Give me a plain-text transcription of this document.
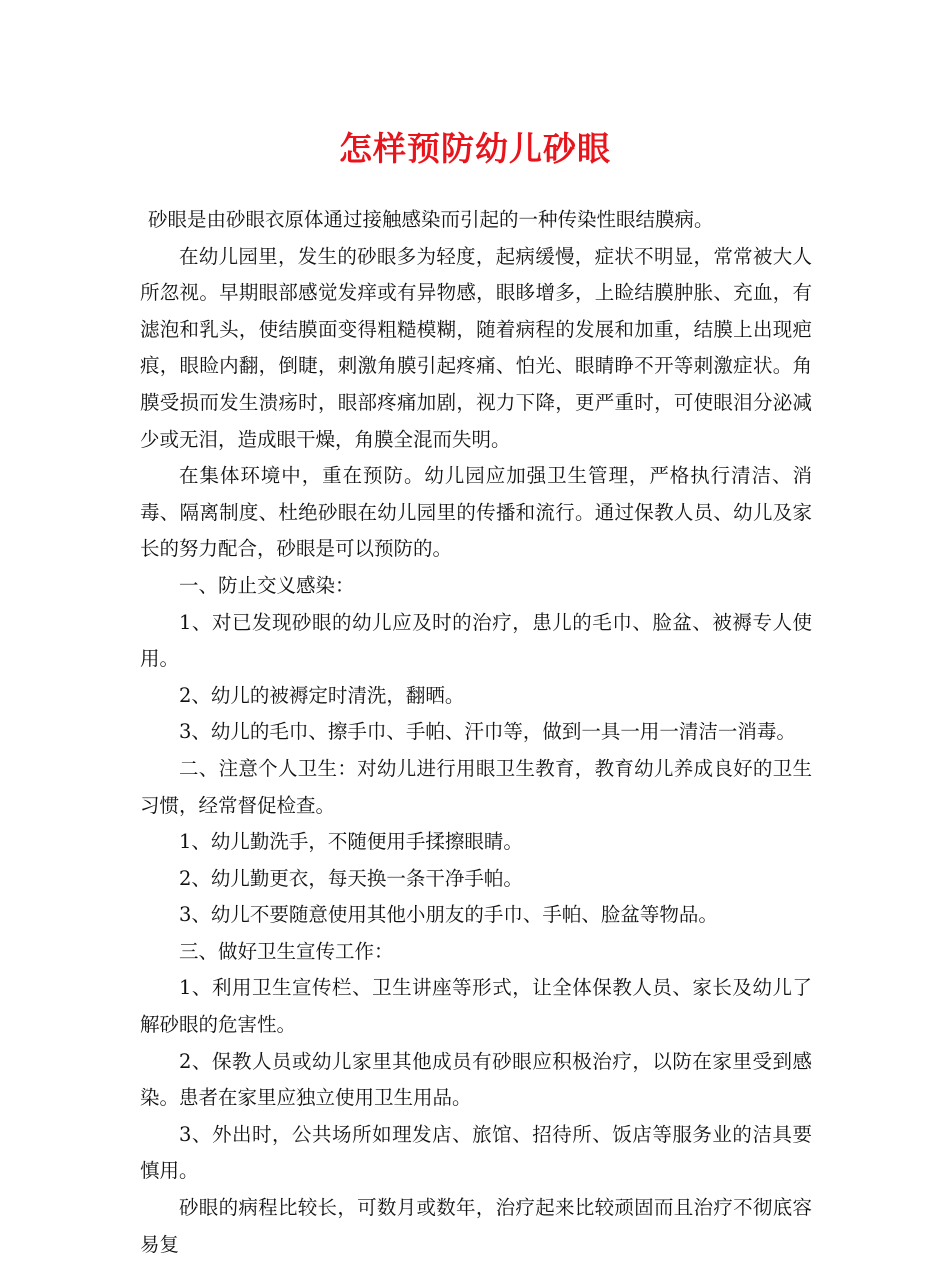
怎样预防幼儿砂眼

砂眼是由砂眼衣原体通过接触感染而引起的一种传染性眼结膜病。

在幼儿园里，发生的砂眼多为轻度，起病缓慢，症状不明显，常常被大人所忽视。早期眼部感觉发痒或有异物感，眼眵增多，上睑结膜肿胀、充血，有滤泡和乳头，使结膜面变得粗糙模糊，随着病程的发展和加重，结膜上出现疤痕，眼睑内翻，倒睫，刺激角膜引起疼痛、怕光、眼睛睁不开等刺激症状。角膜受损而发生溃疡时，眼部疼痛加剧，视力下降，更严重时，可使眼泪分泌减少或无泪，造成眼干燥，角膜全混而失明。

在集体环境中，重在预防。幼儿园应加强卫生管理，严格执行清洁、消毒、隔离制度、杜绝砂眼在幼儿园里的传播和流行。通过保教人员、幼儿及家长的努力配合，砂眼是可以预防的。

一、防止交义感染：

1、对已发现砂眼的幼儿应及时的治疗，患儿的毛巾、脸盆、被褥专人使用。

2、幼儿的被褥定时清洗，翻晒。

3、幼儿的毛巾、擦手巾、手帕、汗巾等，做到一具一用一清洁一消毒。

二、注意个人卫生：对幼儿进行用眼卫生教育，教育幼儿养成良好的卫生习惯，经常督促检查。

1、幼儿勤洗手，不随便用手揉擦眼睛。

2、幼儿勤更衣，每天换一条干净手帕。

3、幼儿不要随意使用其他小朋友的手巾、手帕、脸盆等物品。

三、做好卫生宣传工作：

1、利用卫生宣传栏、卫生讲座等形式，让全体保教人员、家长及幼儿了解砂眼的危害性。

2、保教人员或幼儿家里其他成员有砂眼应积极治疗，以防在家里受到感染。患者在家里应独立使用卫生用品。

3、外出时，公共场所如理发店、旅馆、招待所、饭店等服务业的洁具要慎用。

砂眼的病程比较长，可数月或数年，治疗起来比较顽固而且治疗不彻底容易复
